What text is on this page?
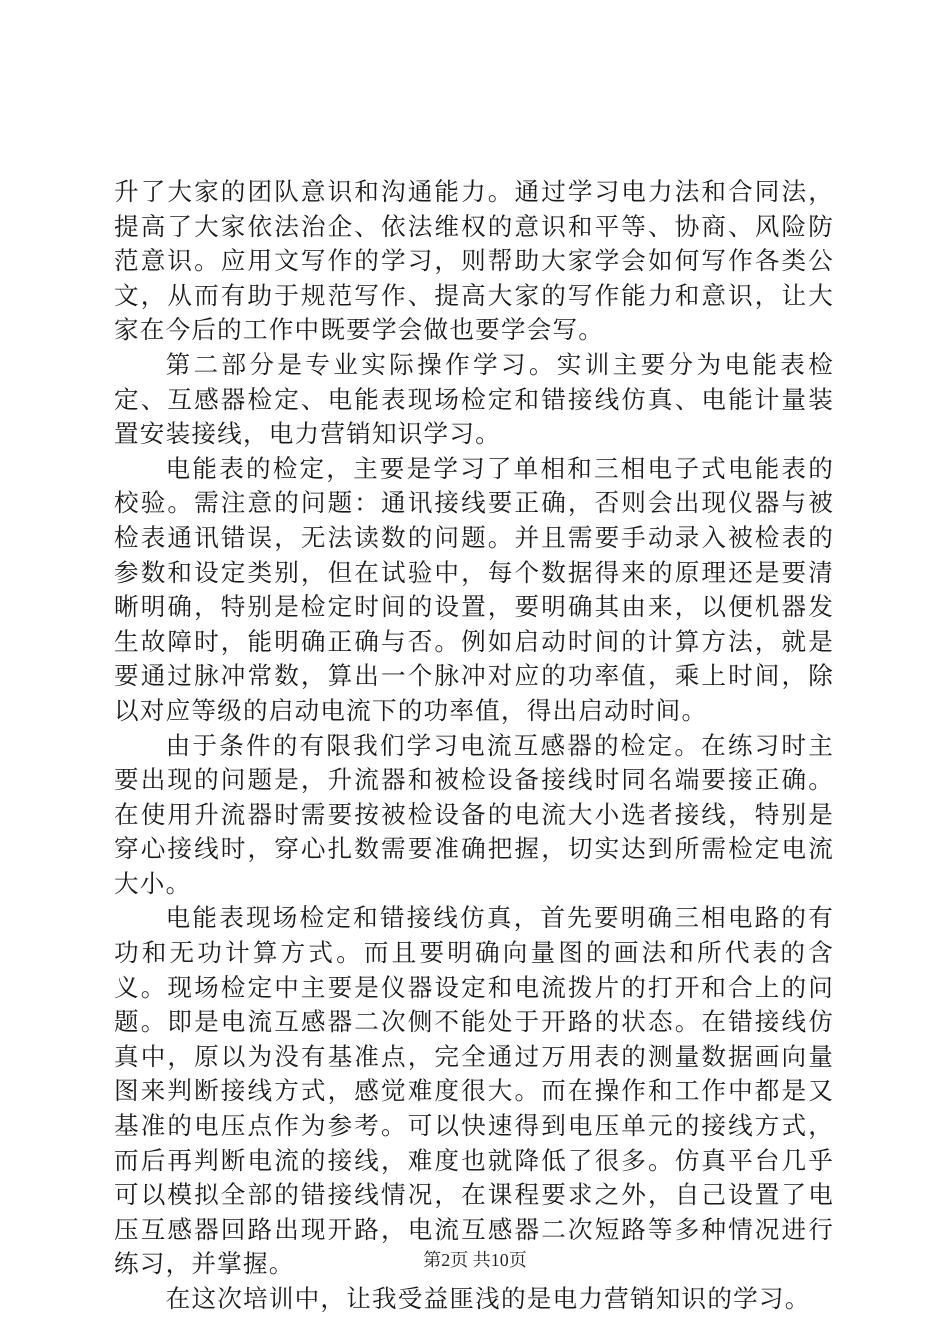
升了大家的团队意识和沟通能力。通过学习电力法和合同法，提高了大家依法治企、依法维权的意识和平等、协商、风险防范意识。应用文写作的学习，则帮助大家学会如何写作各类公文，从而有助于规范写作、提高大家的写作能力和意识，让大家在今后的工作中既要学会做也要学会写。

第二部分是专业实际操作学习。实训主要分为电能表检定、互感器检定、电能表现场检定和错接线仿真、电能计量装置安装接线，电力营销知识学习。

电能表的检定，主要是学习了单相和三相电子式电能表的校验。需注意的问题：通讯接线要正确，否则会出现仪器与被检表通讯错误，无法读数的问题。并且需要手动录入被检表的参数和设定类别，但在试验中，每个数据得来的原理还是要清晰明确，特别是检定时间的设置，要明确其由来，以便机器发生故障时，能明确正确与否。例如启动时间的计算方法，就是要通过脉冲常数，算出一个脉冲对应的功率值，乘上时间，除以对应等级的启动电流下的功率值，得出启动时间。

由于条件的有限我们学习电流互感器的检定。在练习时主要出现的问题是，升流器和被检设备接线时同名端要接正确。在使用升流器时需要按被检设备的电流大小选者接线，特别是穿心接线时，穿心扎数需要准确把握，切实达到所需检定电流大小。

电能表现场检定和错接线仿真，首先要明确三相电路的有功和无功计算方式。而且要明确向量图的画法和所代表的含义。现场检定中主要是仪器设定和电流拨片的打开和合上的问题。即是电流互感器二次侧不能处于开路的状态。在错接线仿真中，原以为没有基准点，完全通过万用表的测量数据画向量图来判断接线方式，感觉难度很大。而在操作和工作中都是又基准的电压点作为参考。可以快速得到电压单元的接线方式，而后再判断电流的接线，难度也就降低了很多。仿真平台几乎可以模拟全部的错接线情况，在课程要求之外，自己设置了电压互感器回路出现开路，电流互感器二次短路等多种情况进行练习，并掌握。

在这次培训中，让我受益匪浅的是电力营销知识的学习。

第2页 共10页
